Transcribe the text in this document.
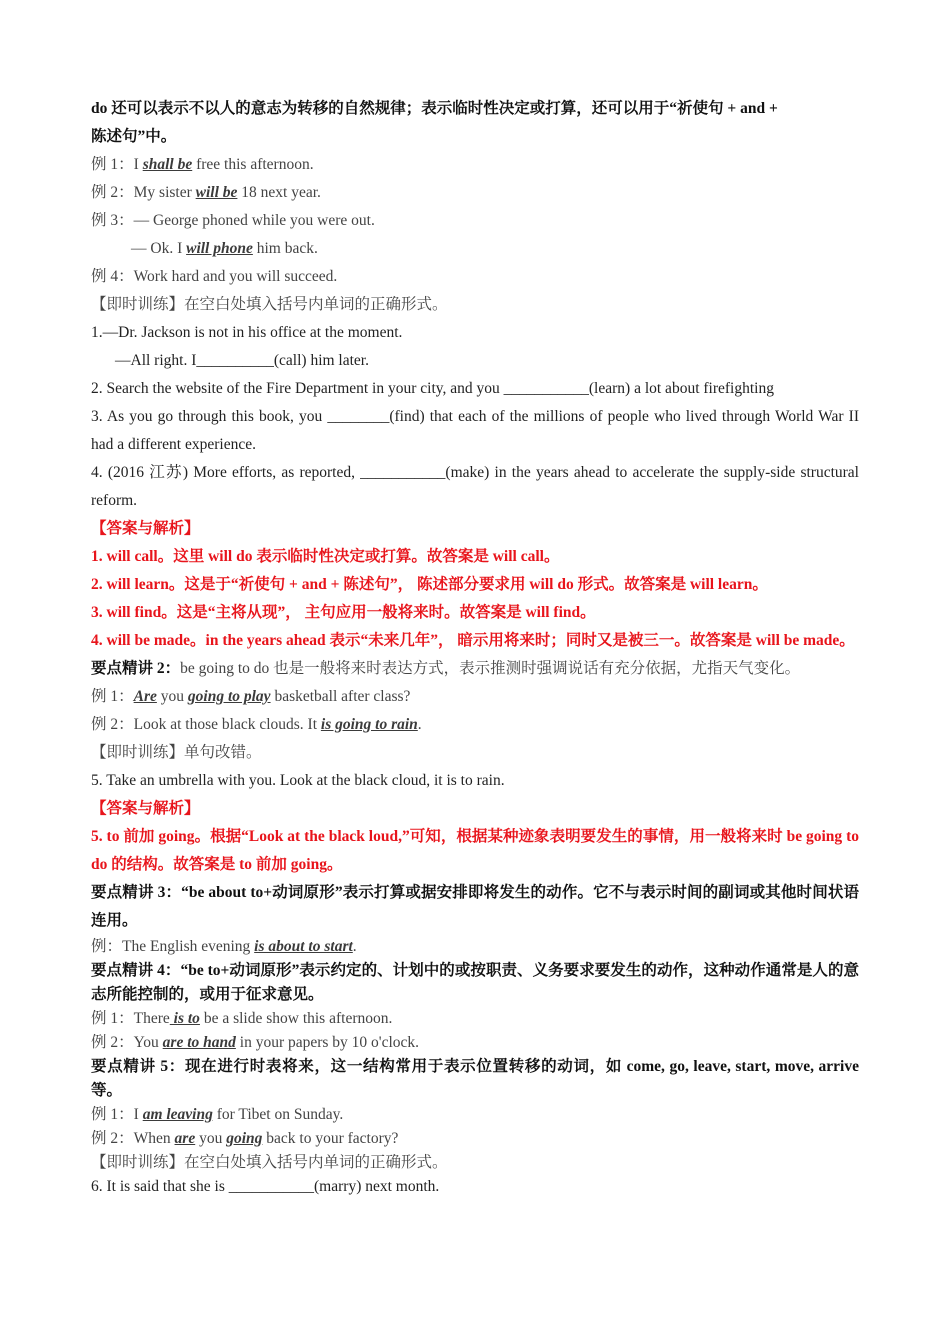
do 还可以表示不以人的意志为转移的自然规律；表示临时性决定或打算，还可以用于“祈使句 + and +
陈述句”中。
例 1：I shall be free this afternoon.
例 2：My sister will be 18 next year.
例 3：— George phoned while you were out.
— Ok. I will phone him back.
例 4：Work hard and you will succeed.
【即时训练】在空白处填入括号内单词的正确形式。
1.—Dr. Jackson is not in his office at the moment.
—All right. I__________(call) him later.
2. Search the website of the Fire Department in your city, and you ___________(learn) a lot about firefighting
3. As you go through this book, you ________(find) that each of the millions of people who lived through World War II had a different experience.
4. (2016 江苏) More efforts, as reported, ___________(make) in the years ahead to accelerate the supply-side structural reform.
【答案与解析】
1. will call。这里 will do 表示临时性决定或打算。故答案是 will call。
2. will learn。这是于“祈使句 + and + 陈述句”， 陈述部分要求用 will do 形式。故答案是 will learn。
3. will find。这是“主将从现”， 主句应用一般将来时。故答案是 will find。
4. will be made。in the years ahead 表示“未来几年”， 暗示用将来时；同时又是被三一。故答案是 will be made。
要点精讲 2：be going to do 也是一般将来时表达方式，表示推测时强调说话有充分依据，尤指天气变化。
例 1：Are you going to play basketball after class?
例 2：Look at those black clouds. It is going to rain.
【即时训练】单句改错。
5. Take an umbrella with you. Look at the black cloud, it is to rain.
【答案与解析】
5. to 前加 going。根据“Look at the black loud,”可知，根据某种迹象表明要发生的事情，用一般将来时 be going to do 的结构。故答案是 to 前加 going。
要点精讲 3：“be about to+动词原形”表示打算或据安排即将发生的动作。它不与表示时间的副词或其他时间状语连用。
例：The English evening is about to start.
要点精讲 4：“be to+动词原形”表示约定的、计划中的或按职责、义务要求要发生的动作，这种动作通常是人的意志所能控制的，或用于征求意见。
例 1：There is to be a slide show this afternoon.
例 2：You are to hand in your papers by 10 o'clock.
要点精讲 5：现在进行时表将来，这一结构常用于表示位置转移的动词，如 come, go, leave, start, move, arrive 等。
例 1：I am leaving for Tibet on Sunday.
例 2：When are you going back to your factory?
【即时训练】在空白处填入括号内单词的正确形式。
6. It is said that she is ___________(marry) next month.
